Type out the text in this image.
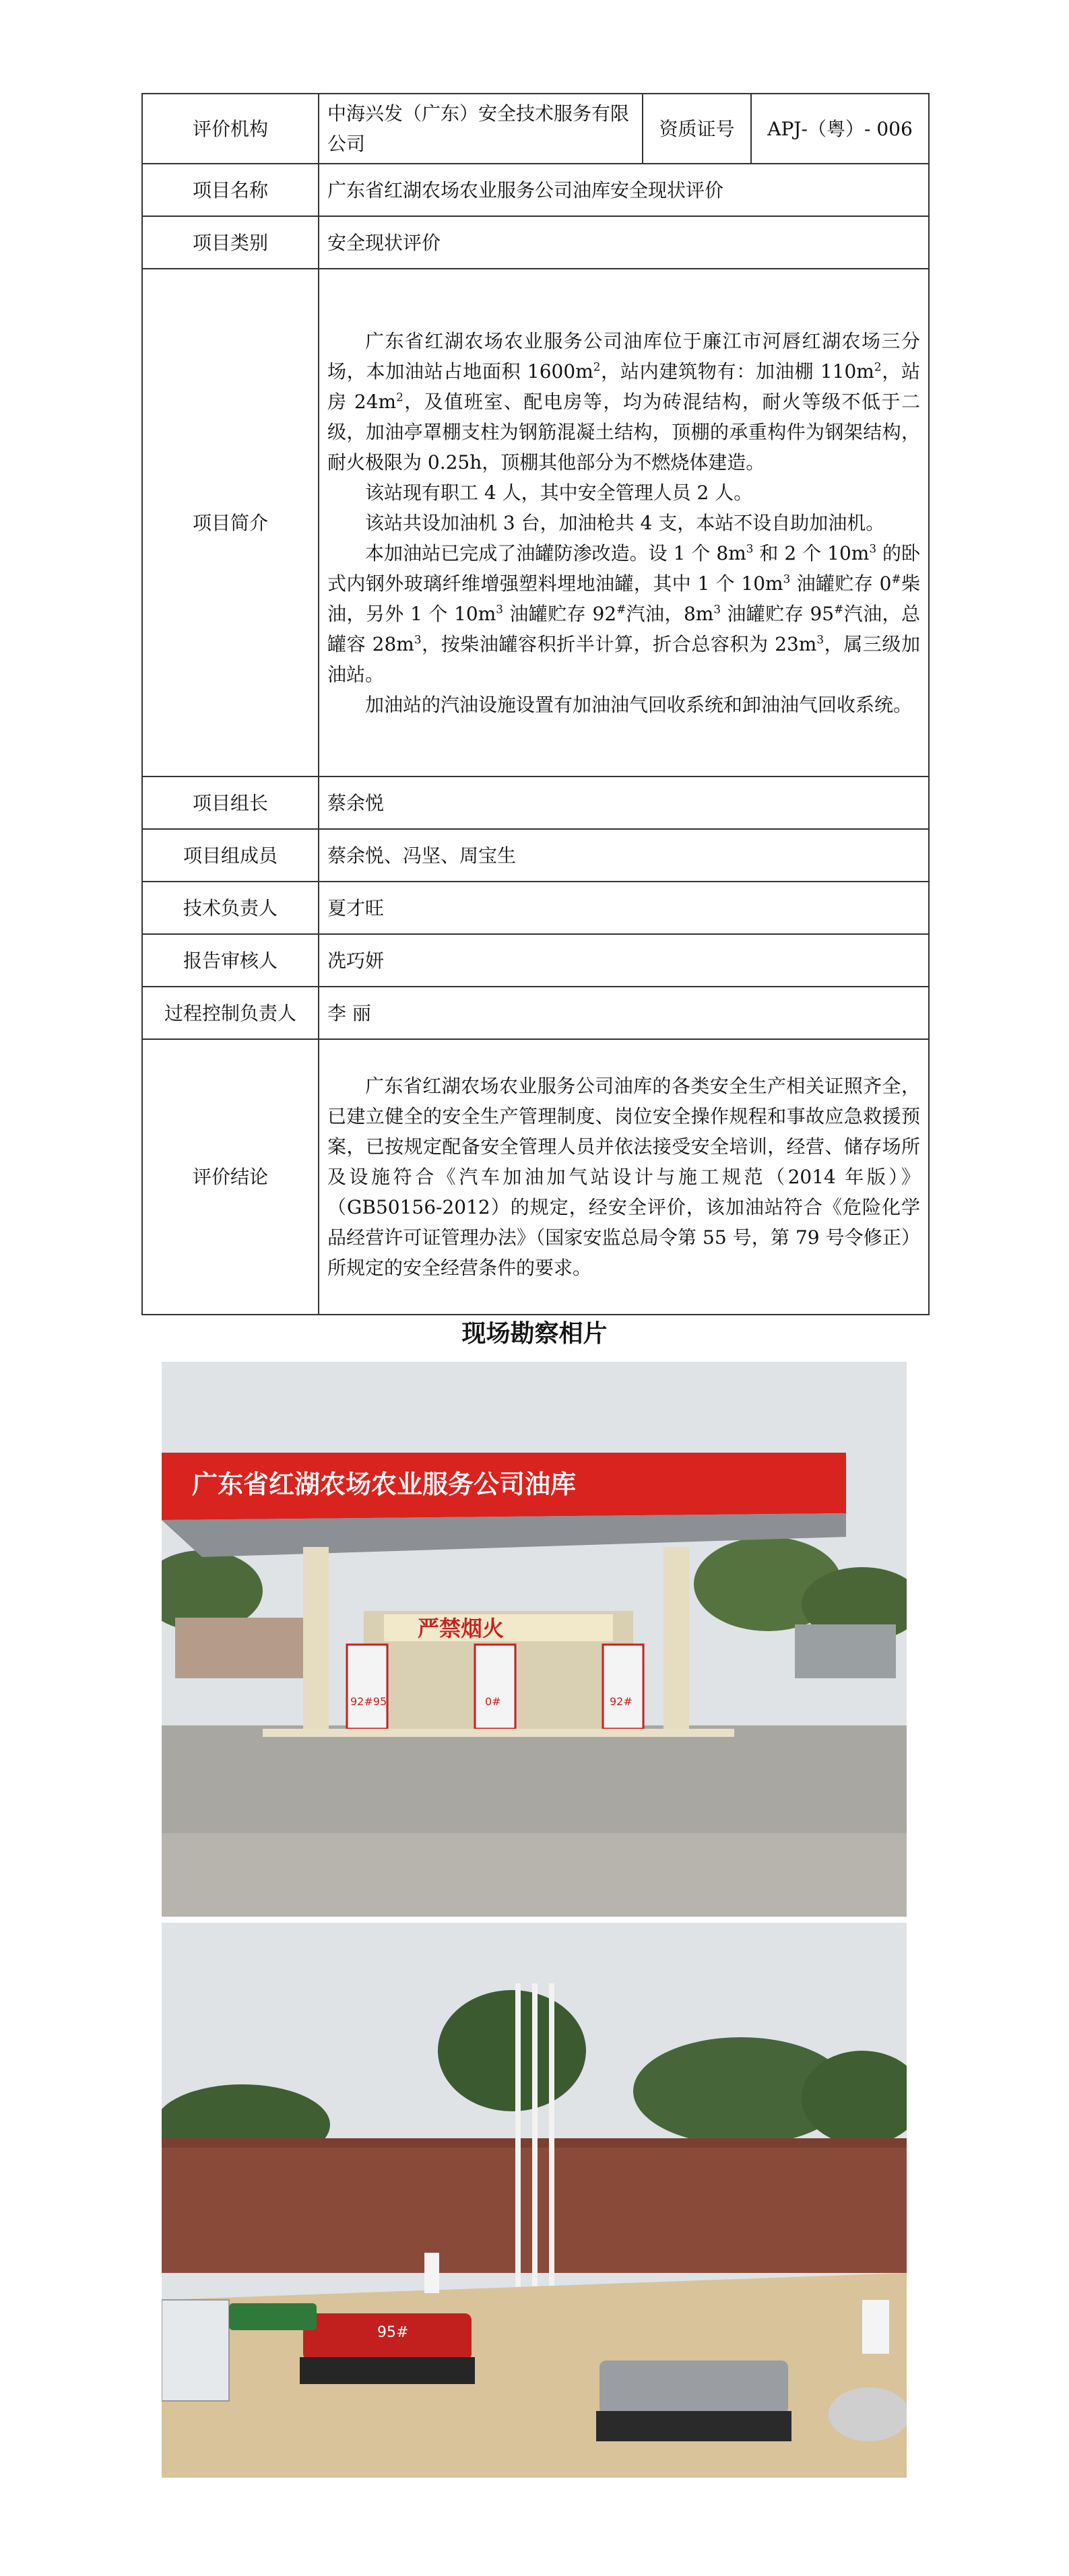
评价机构	中海兴发（广东）安全技术服务有限公司	资质证号	APJ-（粤）- 006
项目名称	广东省红湖农场农业服务公司油库安全现状评价		
项目类别	安全现状评价		
项目简介	广东省红湖农场农业服务公司油库位于廉江市河唇红湖农场三分场，本加油站占地面积 $1600m^2$，站内建筑物有：加油棚 $110m^2$，站房 $24m^2$，及值班室、配电房等，均为砖混结构，耐火等级不低于二级，加油亭罩棚支柱为钢筋混凝土结构，顶棚的承重构件为钢架结构，耐火极限为 0.25h，顶棚其他部分为不燃烧体建造。

该站现有职工 4 人，其中安全管理人员 2 人。

该站共设加油机 3 台，加油枪共 4 支，本站不设自助加油机。

本加油站已完成了油罐防渗改造。设 1 个 $8m^3$ 和 2 个 $10m^3$ 的卧式内钢外玻璃纤维增强塑料埋地油罐，其中 1 个 $10m^3$ 油罐贮存 0#柴油，另外 1 个 $10m^3$ 油罐贮存 92#汽油，$8m^3$ 油罐贮存 95#汽油，总罐容 $28m^3$，按柴油罐容积折半计算，折合总容积为 $23m^3$，属三级加油站。

加油站的汽油设施设置有加油油气回收系统和卸油油气回收系统。		

项目组长	蔡余悦		
项目组成员	蔡余悦、冯坚、周宝生		
技术负责人	夏才旺		
报告审核人	冼巧妍		
过程控制负责人	李 丽		
评价结论	广东省红湖农场农业服务公司油库的各类安全生产相关证照齐全，已建立健全的安全生产管理制度、岗位安全操作规程和事故应急救援预案，已按规定配备安全管理人员并依法接受安全培训，经营、储存场所及设施符合《汽车加油加气站设计与施工规范（2014 年版）》（GB50156-2012）的规定，经安全评价，该加油站符合《危险化学品经营许可证管理办法》（国家安监总局令第 55 号，第 79 号令修正）所规定的安全经营条件的要求。		

现场勘察相片
广东省红湖农场农业服务公司油库
严禁烟火
92#95	0#	92#
95#
